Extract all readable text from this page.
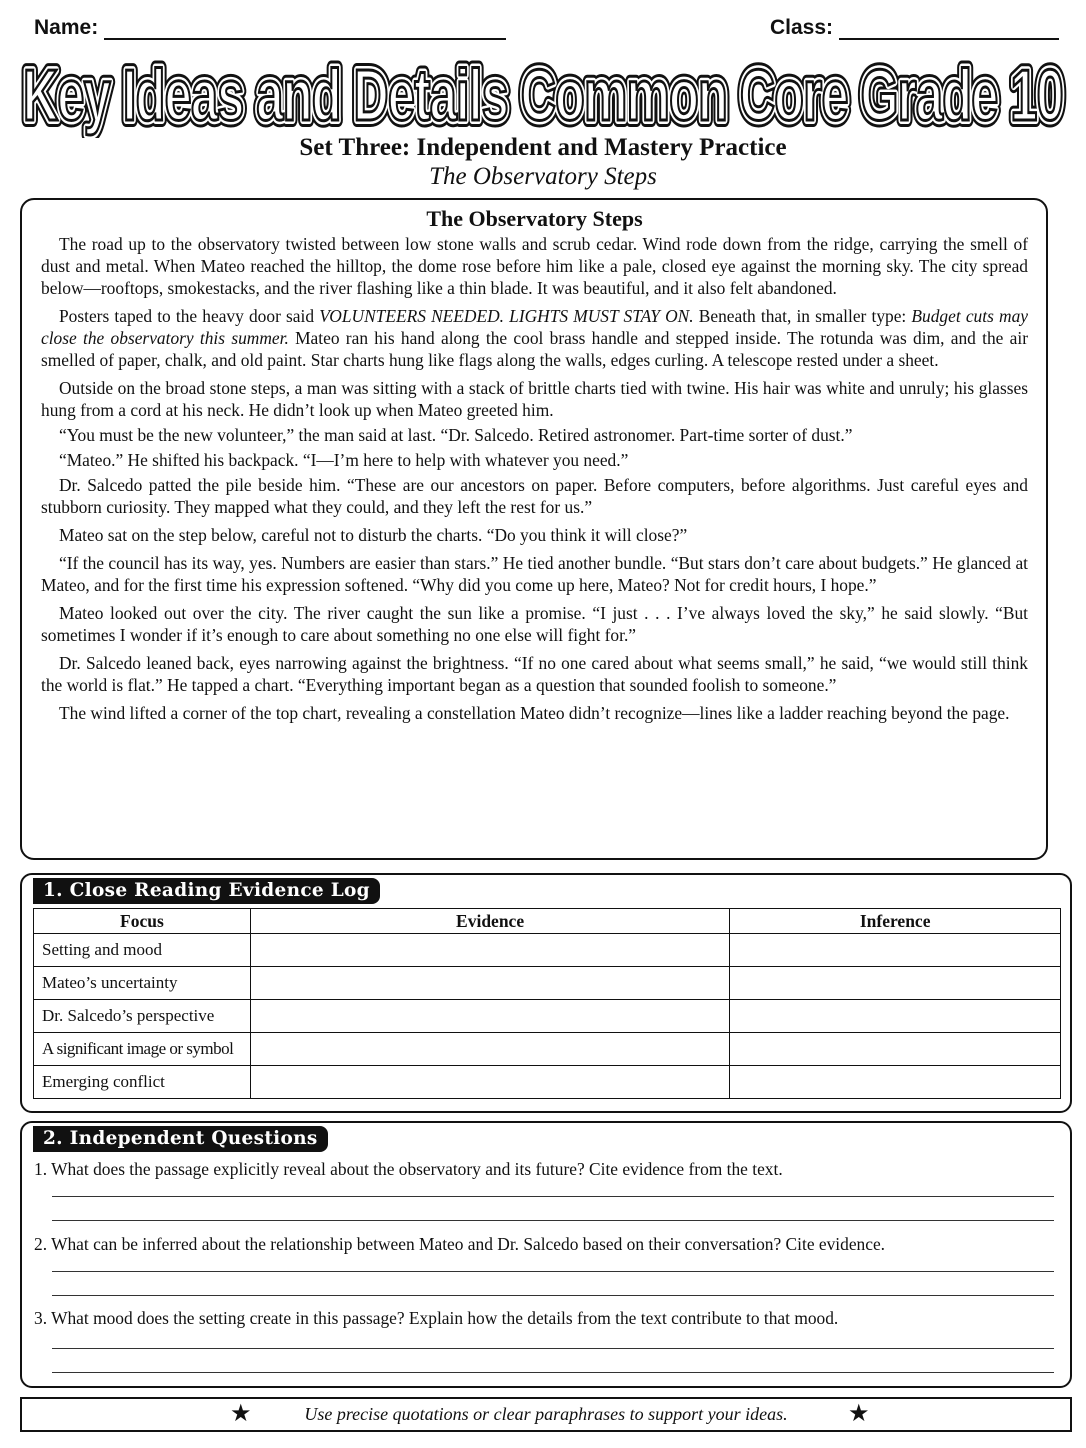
Name:	Class:
Key Ideas and Details Common Core Grade 10
Key Ideas and Details Common Core Grade 10
Key Ideas and Details Common Core Grade 10
Set Three: Independent and Mastery Practice
The Observatory Steps
The Observatory Steps

The road up to the observatory twisted between low stone walls and scrub cedar. Wind rode down from the ridge, carrying the smell of dust and metal. When Mateo reached the hilltop, the dome rose before him like a pale, closed eye against the morning sky. The city spread below—rooftops, smokestacks, and the river flashing like a thin blade. It was beautiful, and it also felt abandoned.

Posters taped to the heavy door said VOLUNTEERS NEEDED. LIGHTS MUST STAY ON. Beneath that, in smaller type: Budget cuts may close the observatory this summer. Mateo ran his hand along the cool brass handle and stepped inside. The rotunda was dim, and the air smelled of paper, chalk, and old paint. Star charts hung like flags along the walls, edges curling. A telescope rested under a sheet.

Outside on the broad stone steps, a man was sitting with a stack of brittle charts tied with twine. His hair was white and unruly; his glasses hung from a cord at his neck. He didn’t look up when Mateo greeted him.

“You must be the new volunteer,” the man said at last. “Dr. Salcedo. Retired astronomer. Part-time sorter of dust.”

“Mateo.” He shifted his backpack. “I—I’m here to help with whatever you need.”

Dr. Salcedo patted the pile beside him. “These are our ancestors on paper. Before computers, before algorithms. Just careful eyes and stubborn curiosity. They mapped what they could, and they left the rest for us.”

Mateo sat on the step below, careful not to disturb the charts. “Do you think it will close?”

“If the council has its way, yes. Numbers are easier than stars.” He tied another bundle. “But stars don’t care about budgets.” He glanced at Mateo, and for the first time his expression softened. “Why did you come up here, Mateo? Not for credit hours, I hope.”

Mateo looked out over the city. The river caught the sun like a promise. “I just . . . I’ve always loved the sky,” he said slowly. “But sometimes I wonder if it’s enough to care about something no one else will fight for.”

Dr. Salcedo leaned back, eyes narrowing against the brightness. “If no one cared about what seems small,” he said, “we would still think the world is flat.” He tapped a chart. “Everything important began as a question that sounded foolish to someone.”

The wind lifted a corner of the top chart, revealing a constellation Mateo didn’t recognize—lines like a ladder reaching beyond the page.

1. Close Reading Evidence Log
Focus	Evidence	Inference
Setting and mood		
Mateo’s uncertainty		
Dr. Salcedo’s perspective		
A significant image or symbol		
Emerging conflict		
2. Independent Questions
1. What does the passage explicitly reveal about the observatory and its future? Cite evidence from the text.
2. What can be inferred about the relationship between Mateo and Dr. Salcedo based on their conversation? Cite evidence.
3. What mood does the setting create in this passage? Explain how the details from the text contribute to that mood.
★	Use precise quotations or clear paraphrases to support your ideas.	★
